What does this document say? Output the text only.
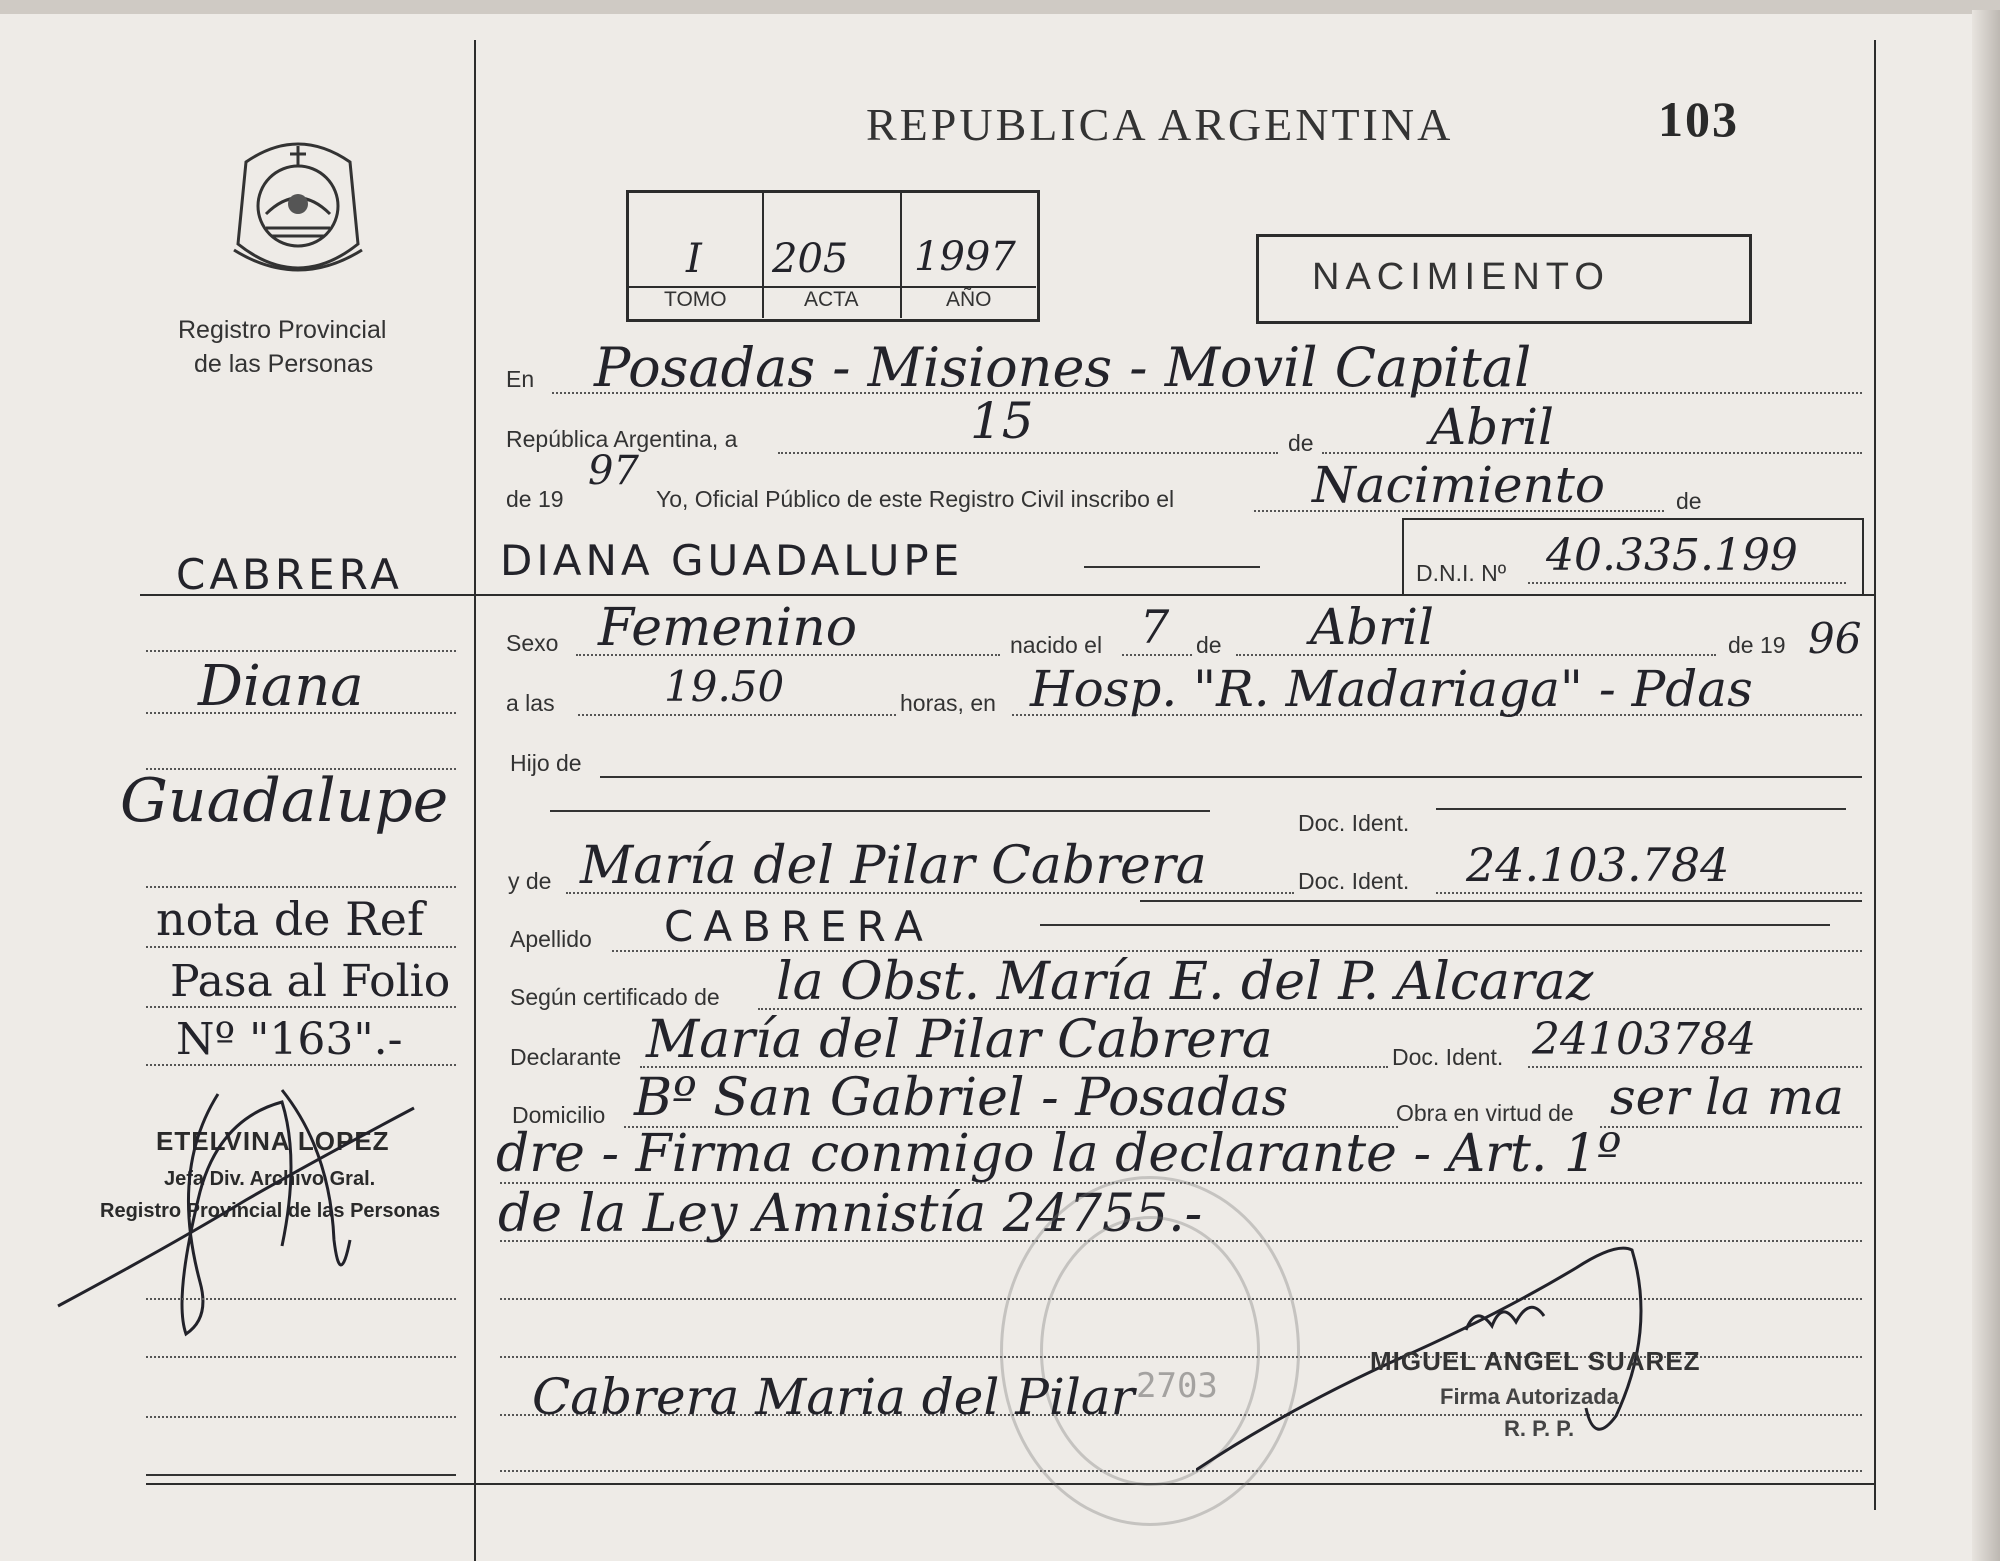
Registro Provincial
de las Personas
REPUBLICA ARGENTINA	103
I 205 1997
TOMO	ACTA	AÑO
NACIMIENTO
En Posadas - Misiones - Movil Capital
República Argentina, a	15	de Abril
de 19
97
Yo, Oficial Público de este Registro Civil inscribo el	Nacimiento	de
DIANA GUADALUPE	D.N.I. Nº 40.335.199
CABRERA
Diana
Guadalupe
nota de Ref
Pasa al Folio
Nº "163".-
ETELVINA LOPEZ
Jefa Div. Archivo Gral.
Registro Provincial de las Personas
Sexo Femenino	nacido el 7 de Abril	de 19 96
a las	19.50	horas, en Hosp. "R. Madariaga" - Pdas
Hijo de
Doc. Ident.
y de María del Pilar Cabrera	Doc. Ident. 24.103.784
Apellido CABRERA
Según certificado de la Obst. María E. del P. Alcaraz
Declarante María del Pilar Cabrera	Doc. Ident. 24103784
Domicilio Bº San Gabriel - Posadas	Obra en virtud de ser la ma
dre - Firma conmigo la declarante - Art. 1º
de la Ley Amnistía 24755.-
2703
Cabrera Maria del Pilar
MIGUEL ANGEL SUAREZ
Firma Autorizada
R. P. P.
